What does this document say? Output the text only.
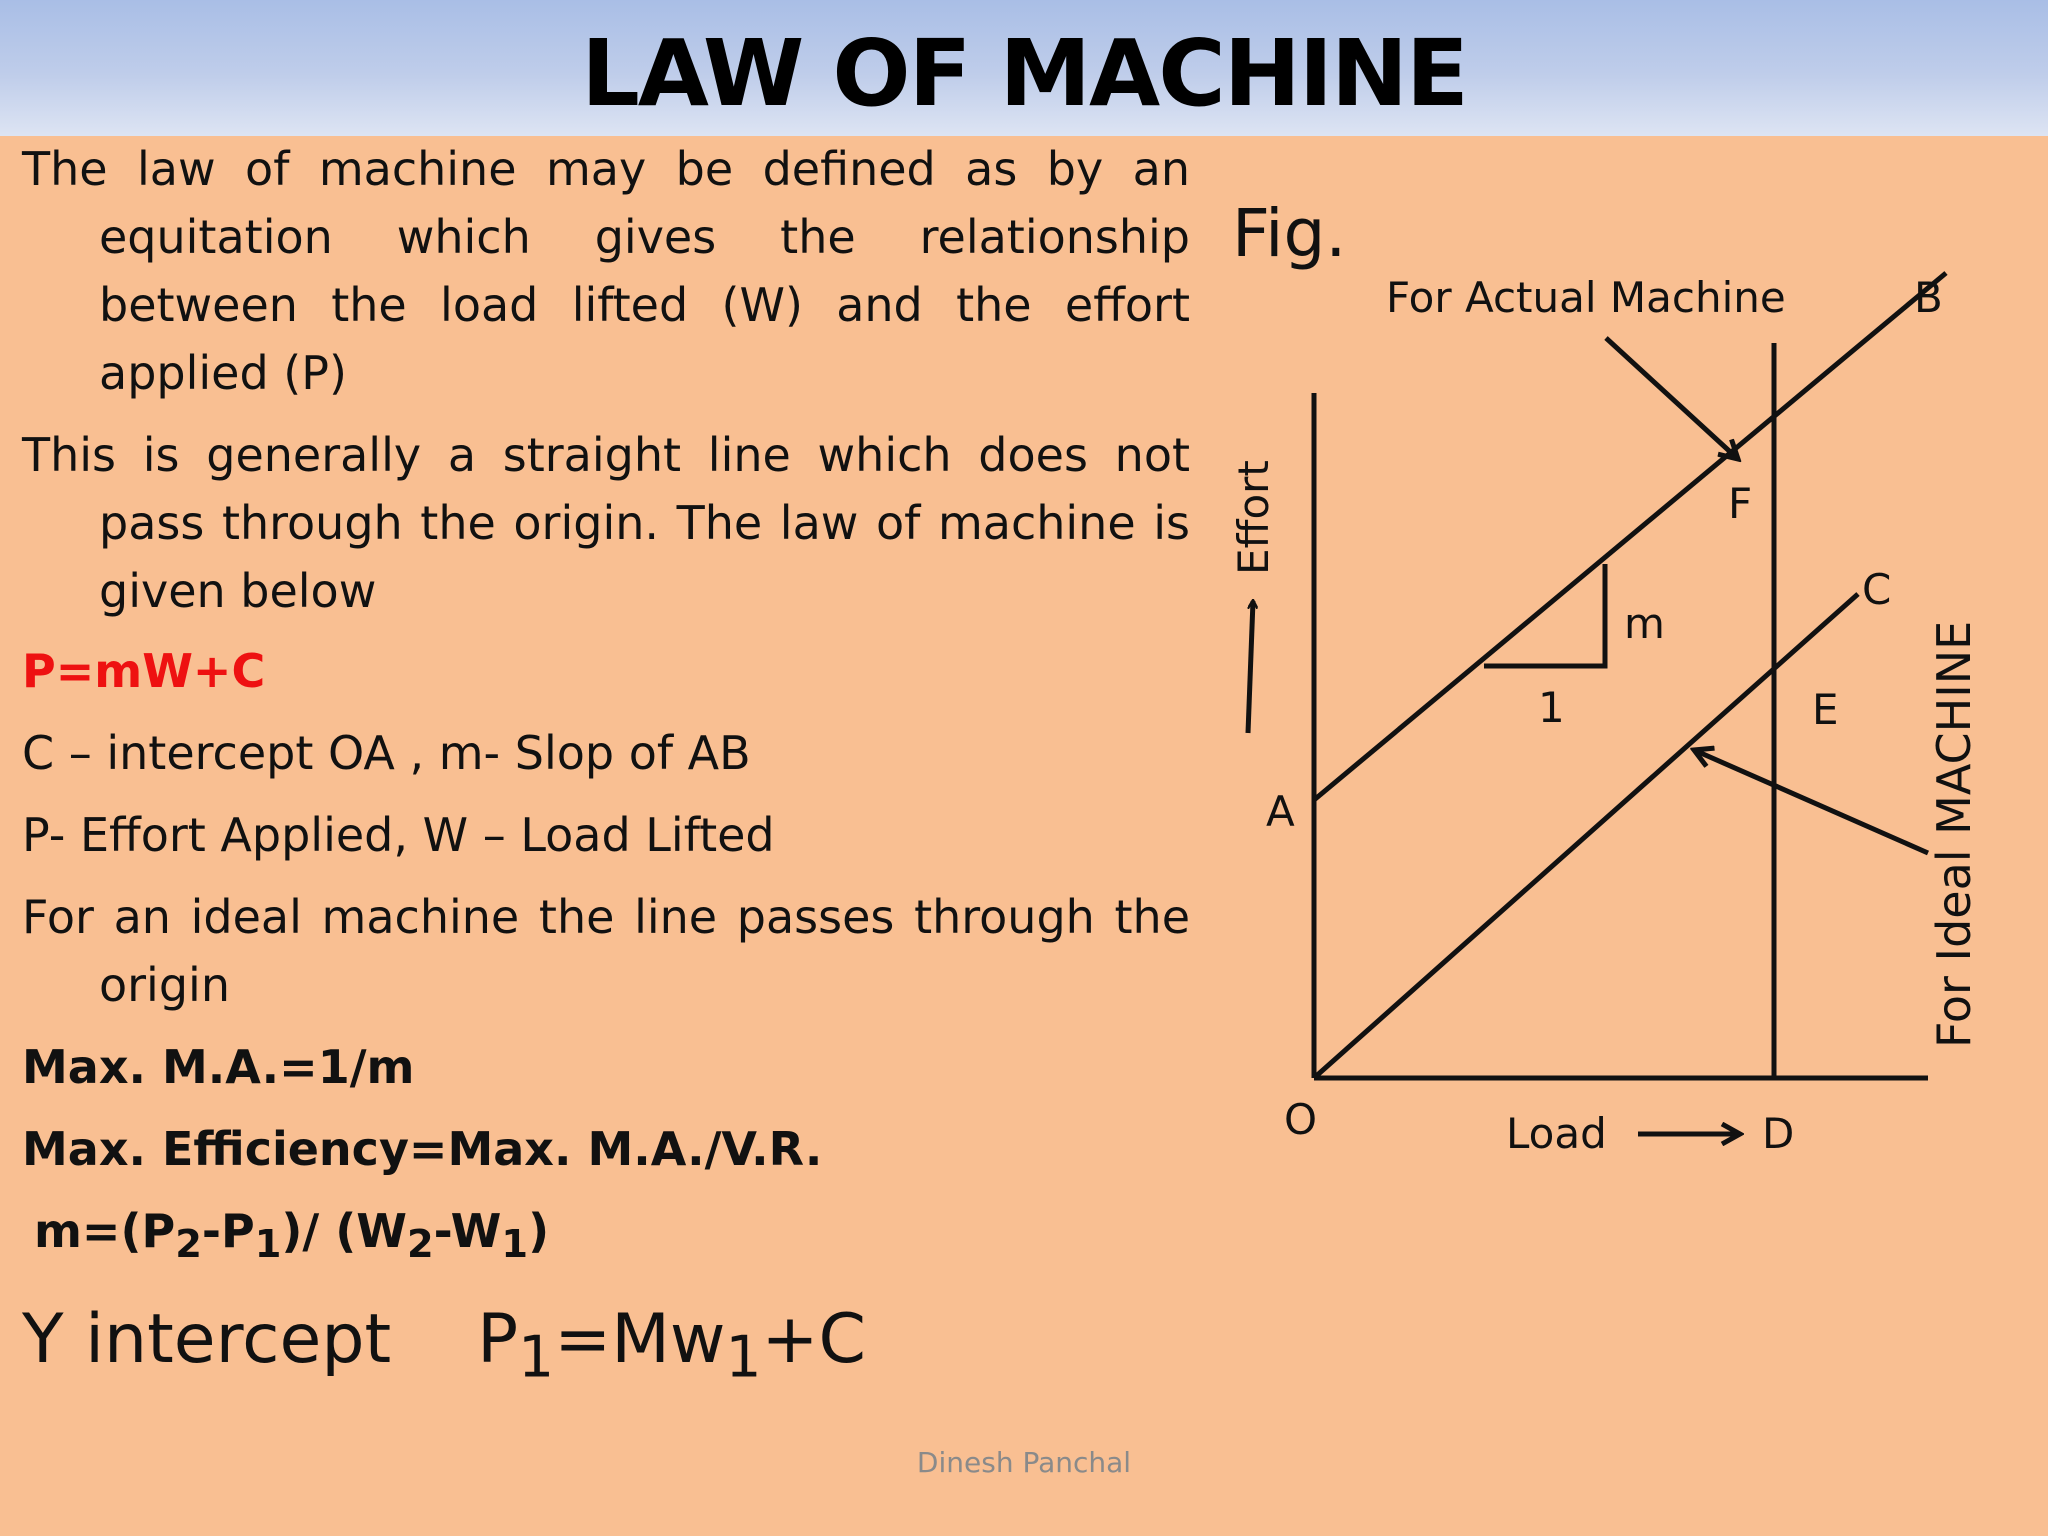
LAW OF MACHINE

The law of machine may be defined as by an equitation which gives the relationship between the load lifted (W) and the effort applied (P)

This is generally a straight line which does not pass through the origin. The law of machine is given below

P=mW+C

C – intercept OA , m- Slop of AB

P- Effort Applied, W – Load Lifted

For an ideal machine the line passes through the origin

Max. M.A.=1/m

Max. Efficiency=Max. M.A./V.R.

$m=(P_2-P_1)/$ $(W_2-W_1)$

Y intercept $P_1=Mw_1+C$

Fig.
For Actual Machine
m
1
Effort
Load
B
C
F
E
A
O	D
For Ideal MACHINE
Dinesh Panchal
